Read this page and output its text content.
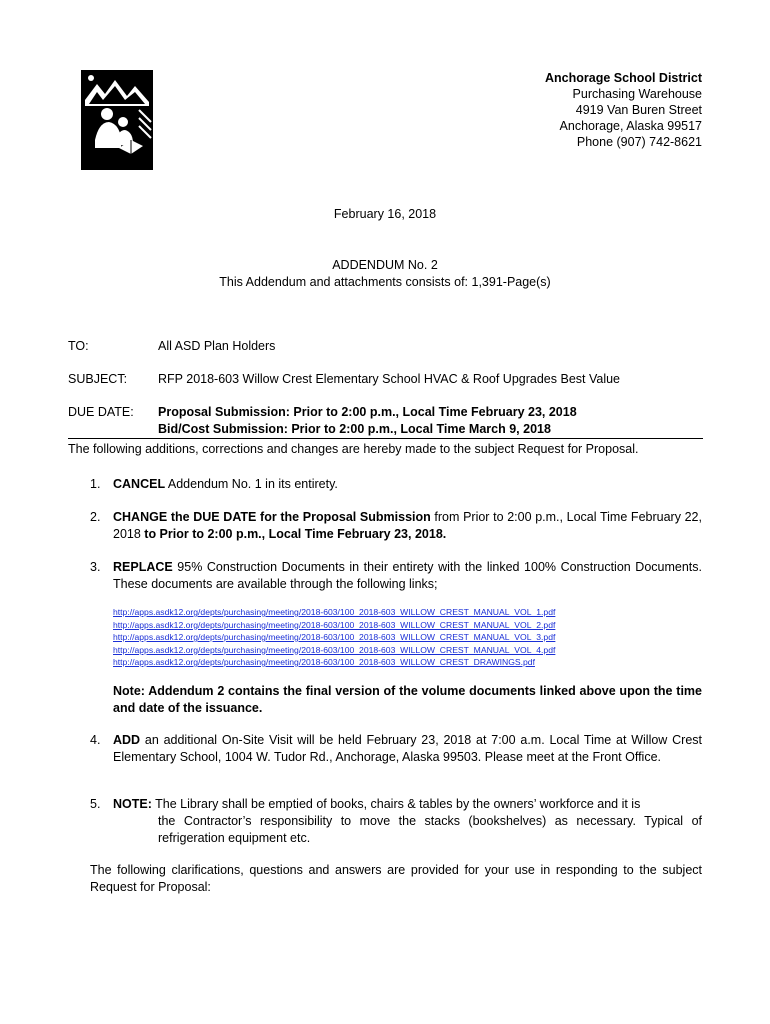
Anchorage School District
Purchasing Warehouse
4919 Van Buren Street
Anchorage, Alaska 99517
Phone (907) 742-8621
February 16, 2018
ADDENDUM No. 2
This Addendum and attachments consists of: 1,391-Page(s)
TO:	All ASD Plan Holders
SUBJECT:	RFP 2018-603 Willow Crest Elementary School HVAC & Roof Upgrades Best Value
DUE DATE:	Proposal Submission: Prior to 2:00 p.m., Local Time February 23, 2018
Bid/Cost Submission: Prior to 2:00 p.m., Local Time March 9, 2018
The following additions, corrections and changes are hereby made to the subject Request for Proposal.
1. CANCEL Addendum No. 1 in its entirety.
2. CHANGE the DUE DATE for the Proposal Submission from Prior to 2:00 p.m., Local Time February 22, 2018 to Prior to 2:00 p.m., Local Time February 23, 2018.
3. REPLACE 95% Construction Documents in their entirety with the linked 100% Construction Documents. These documents are available through the following links;
http://apps.asdk12.org/depts/purchasing/meeting/2018-603/100_2018-603_WILLOW_CREST_MANUAL_VOL_1.pdf
http://apps.asdk12.org/depts/purchasing/meeting/2018-603/100_2018-603_WILLOW_CREST_MANUAL_VOL_2.pdf
http://apps.asdk12.org/depts/purchasing/meeting/2018-603/100_2018-603_WILLOW_CREST_MANUAL_VOL_3.pdf
http://apps.asdk12.org/depts/purchasing/meeting/2018-603/100_2018-603_WILLOW_CREST_MANUAL_VOL_4.pdf
http://apps.asdk12.org/depts/purchasing/meeting/2018-603/100_2018-603_WILLOW_CREST_DRAWINGS.pdf
Note: Addendum 2 contains the final version of the volume documents linked above upon the time and date of the issuance.
4. ADD an additional On-Site Visit will be held February 23, 2018 at 7:00 a.m. Local Time at Willow Crest Elementary School, 1004 W. Tudor Rd., Anchorage, Alaska 99503. Please meet at the Front Office.
5. NOTE: The Library shall be emptied of books, chairs & tables by the owners’ workforce and it is
the Contractor’s responsibility to move the stacks (bookshelves) as necessary. Typical of refrigeration equipment etc.
The following clarifications, questions and answers are provided for your use in responding to the subject Request for Proposal:
